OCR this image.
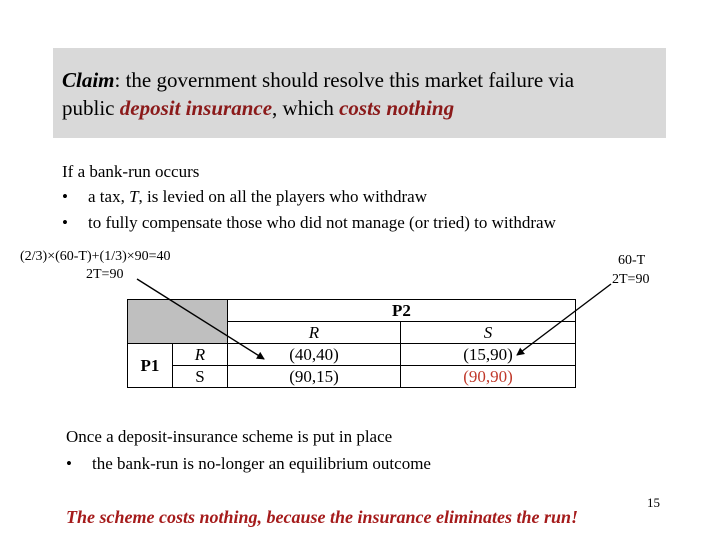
Claim: the government should resolve this market failure via
public deposit insurance, which costs nothing
If a bank-run occurs
• a tax, T, is levied on all the players who withdraw
• to fully compensate those who did not manage (or tried) to withdraw
(2/3)×(60-T)+(1/3)×90=40
2T=90
60-T
2T=90
		P2	
		R	S
P1	R	(40,40)	(15,90)
	S	(90,15)	(90,90)
Once a deposit-insurance scheme is put in place
• the bank-run is no-longer an equilibrium outcome
The scheme costs nothing, because the insurance eliminates the run!
15
